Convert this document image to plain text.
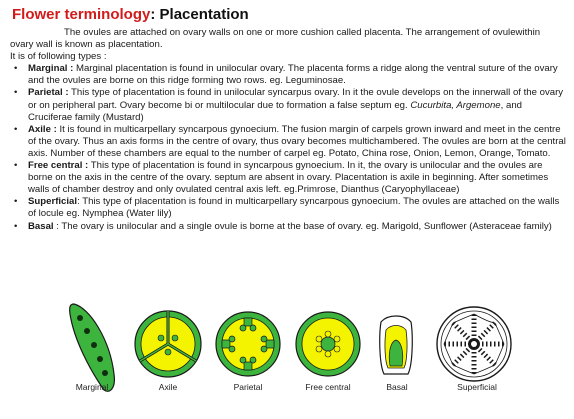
Flower terminology: Placentation

The ovules are attached on ovary walls on one or more cushion called placenta. The arrangement of ovulewithin ovary wall is known as placentation.

It is of following types :

• Marginal : Marginal placentation is found in unilocular ovary. The placenta forms a ridge along the ventral suture of the ovary and the ovules are borne on this ridge forming two rows. eg. Leguminosae.
• Parietal : This type of placentation is found in unilocular syncarpus ovary. In it the ovule develops on the innerwall of the ovary or on peripheral part. Ovary become bi or multilocular due to formation a false septum eg. Cucurbita, Argemone, and Cruciferae family (Mustard)
• Axile : It is found in multicarpellary syncarpous gynoecium. The fusion margin of carpels grown inward and meet in the centre of the ovary. Thus an axis forms in the centre of ovary, thus ovary becomes multichambered. The ovules are born at the central axis. Number of these chambers are equal to the number of carpel eg. Potato, China rose, Onion, Lemon, Orange, Tomato.
• Free central : This type of placentation is found in syncarpous gynoecium. In it, the ovary is unilocular and the ovules are borne on the axis in the centre of the ovary. septum are absent in ovary. Placentation is axile in beginning. After sometimes walls of chamber destroy and only ovulated central axis left. eg.Primrose, Dianthus (Caryophyllaceae)
• Superficial: This type of placentation is found in multicarpellary syncarpous gynoecium. The ovules are attached on the walls of locule eg. Nymphea (Water lily)
• Basal : The ovary is unilocular and a single ovule is borne at the base of ovary. eg. Marigold, Sunflower (Asteraceae family)
Marginal	Axile	Parietal	Free central	Basal	Superficial
